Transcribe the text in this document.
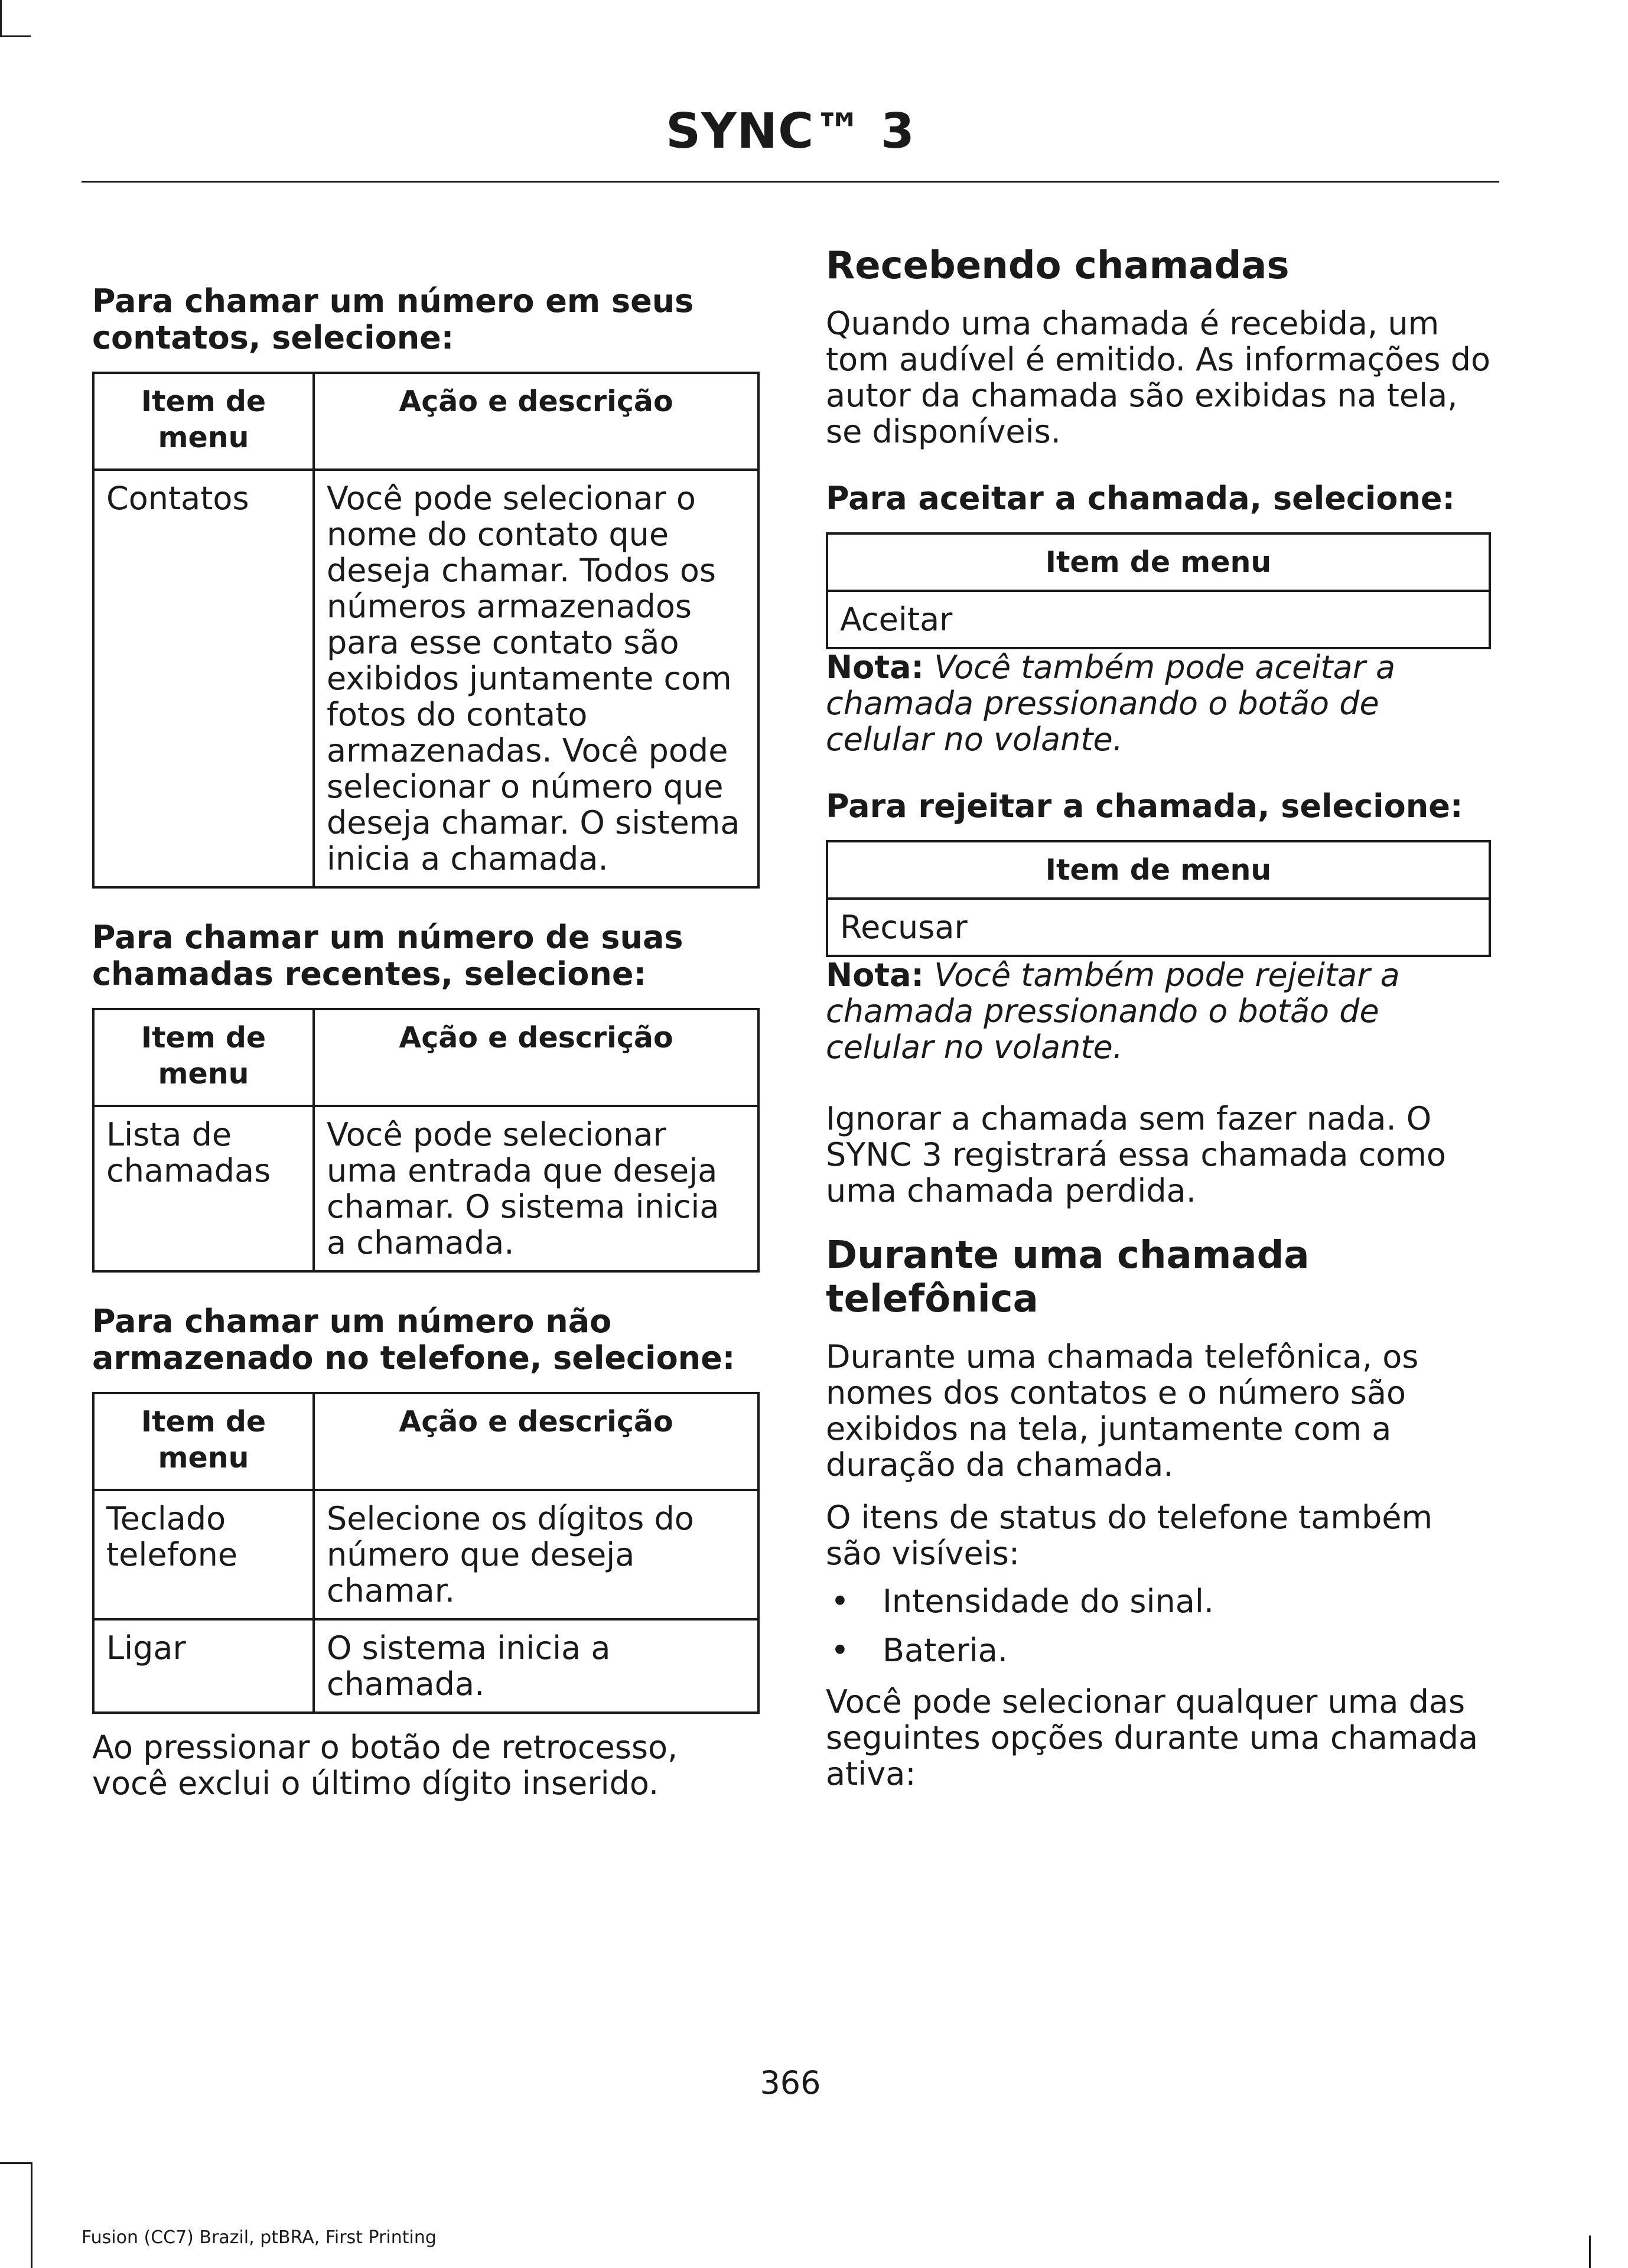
SYNC™ 3

Para chamar um número em seus contatos, selecione:

Item de menu	Ação e descrição
Contatos	Você pode selecionar o nome do contato que deseja chamar. Todos os números armazenados para esse contato são exibidos juntamente com fotos do contato armazenadas. Você pode selecionar o número que deseja chamar. O sistema inicia a chamada.

Para chamar um número de suas chamadas recentes, selecione:

Item de menu	Ação e descrição
Lista de chamadas	Você pode selecionar uma entrada que deseja chamar. O sistema inicia a chamada.

Para chamar um número não armazenado no telefone, selecione:

Item de menu	Ação e descrição
Teclado telefone	Selecione os dígitos do número que deseja chamar.
Ligar	O sistema inicia a chamada.

Ao pressionar o botão de retrocesso, você exclui o último dígito inserido.

Recebendo chamadas

Quando uma chamada é recebida, um tom audível é emitido. As informações do autor da chamada são exibidas na tela, se disponíveis.

Para aceitar a chamada, selecione:

Item de menu
Aceitar

Nota: Você também pode aceitar a chamada pressionando o botão de celular no volante.

Para rejeitar a chamada, selecione:

Item de menu
Recusar

Nota: Você também pode rejeitar a chamada pressionando o botão de celular no volante.

Ignorar a chamada sem fazer nada. O SYNC 3 registrará essa chamada como uma chamada perdida.

Durante uma chamada telefônica

Durante uma chamada telefônica, os nomes dos contatos e o número são exibidos na tela, juntamente com a duração da chamada.

O itens de status do telefone também são visíveis:

• Intensidade do sinal.
• Bateria.

Você pode selecionar qualquer uma das seguintes opções durante uma chamada ativa:

366
Fusion (CC7) Brazil, ptBRA, First Printing
